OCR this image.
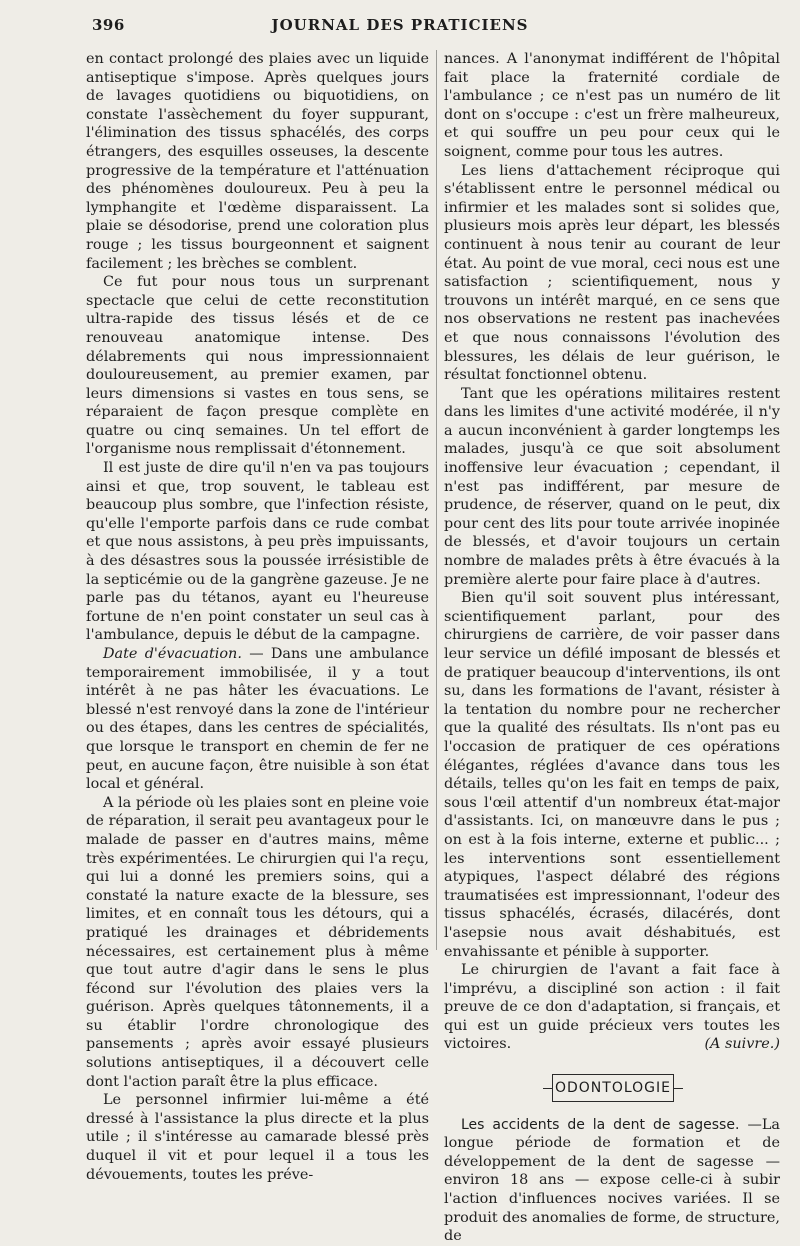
396	JOURNAL DES PRATICIENS

en contact prolongé des plaies avec un liquide antiseptique s'impose. Après quelques jours de lavages quotidiens ou biquotidiens, on constate l'assèchement du foyer suppurant, l'élimination des tissus sphacélés, des corps étrangers, des esquilles osseuses, la descente progressive de la température et l'atténuation des phénomènes douloureux. Peu à peu la lymphangite et l'œdème disparaissent. La plaie se désodorise, prend une coloration plus rouge ; les tissus bourgeonnent et saignent facilement ; les brèches se comblent.

Ce fut pour nous tous un surprenant spectacle que celui de cette reconstitution ultra-rapide des tissus lésés et de ce renouveau anatomique intense. Des délabrements qui nous impressionnaient douloureusement, au premier examen, par leurs dimensions si vastes en tous sens, se réparaient de façon presque complète en quatre ou cinq semaines. Un tel effort de l'organisme nous remplissait d'étonnement.

Il est juste de dire qu'il n'en va pas toujours ainsi et que, trop souvent, le tableau est beaucoup plus sombre, que l'infection résiste, qu'elle l'emporte parfois dans ce rude combat et que nous assistons, à peu près impuissants, à des désastres sous la poussée irrésistible de la septicémie ou de la gangrène gazeuse. Je ne parle pas du tétanos, ayant eu l'heureuse fortune de n'en point constater un seul cas à l'ambulance, depuis le début de la campagne.

Date d'évacuation. — Dans une ambulance temporairement immobilisée, il y a tout intérêt à ne pas hâter les évacuations. Le blessé n'est renvoyé dans la zone de l'intérieur ou des étapes, dans les centres de spécialités, que lorsque le transport en chemin de fer ne peut, en aucune façon, être nuisible à son état local et général.

A la période où les plaies sont en pleine voie de réparation, il serait peu avantageux pour le malade de passer en d'autres mains, même très expérimentées. Le chirurgien qui l'a reçu, qui lui a donné les premiers soins, qui a constaté la nature exacte de la blessure, ses limites, et en connaît tous les détours, qui a pratiqué les drainages et débridements nécessaires, est certainement plus à même que tout autre d'agir dans le sens le plus fécond sur l'évolution des plaies vers la guérison. Après quelques tâtonnements, il a su établir l'ordre chronologique des pansements ; après avoir essayé plusieurs solutions antiseptiques, il a découvert celle dont l'action paraît être la plus efficace.

Le personnel infirmier lui-même a été dressé à l'assistance la plus directe et la plus utile ; il s'intéresse au camarade blessé près duquel il vit et pour lequel il a tous les dévouements, toutes les préve-

nances. A l'anonymat indifférent de l'hôpital fait place la fraternité cordiale de l'ambulance ; ce n'est pas un numéro de lit dont on s'occupe : c'est un frère malheureux, et qui souffre un peu pour ceux qui le soignent, comme pour tous les autres.

Les liens d'attachement réciproque qui s'établissent entre le personnel médical ou infirmier et les malades sont si solides que, plusieurs mois après leur départ, les blessés continuent à nous tenir au courant de leur état. Au point de vue moral, ceci nous est une satisfaction ; scientifiquement, nous y trouvons un intérêt marqué, en ce sens que nos observations ne restent pas inachevées et que nous connaissons l'évolution des blessures, les délais de leur guérison, le résultat fonctionnel obtenu.

Tant que les opérations militaires restent dans les limites d'une activité modérée, il n'y a aucun inconvénient à garder longtemps les malades, jusqu'à ce que soit absolument inoffensive leur évacuation ; cependant, il n'est pas indifférent, par mesure de prudence, de réserver, quand on le peut, dix pour cent des lits pour toute arrivée inopinée de blessés, et d'avoir toujours un certain nombre de malades prêts à être évacués à la première alerte pour faire place à d'autres.

Bien qu'il soit souvent plus intéressant, scientifiquement parlant, pour des chirurgiens de carrière, de voir passer dans leur service un défilé imposant de blessés et de pratiquer beaucoup d'interventions, ils ont su, dans les formations de l'avant, résister à la tentation du nombre pour ne rechercher que la qualité des résultats. Ils n'ont pas eu l'occasion de pratiquer de ces opérations élégantes, réglées d'avance dans tous les détails, telles qu'on les fait en temps de paix, sous l'œil attentif d'un nombreux état-major d'assistants. Ici, on manœuvre dans le pus ; on est à la fois interne, externe et public... ; les interventions sont essentiellement atypiques, l'aspect délabré des régions traumatisées est impressionnant, l'odeur des tissus sphacélés, écrasés, dilacérés, dont l'asepsie nous avait déshabitués, est envahissante et pénible à supporter.

Le chirurgien de l'avant a fait face à l'imprévu, a discipliné son action : il fait preuve de ce don d'adaptation, si français, et qui est un guide précieux vers toutes les victoires.	(A suivre.)

ODONTOLOGIE

Les accidents de la dent de sagesse. —La longue période de formation et de développement de la dent de sagesse — environ 18 ans — expose celle-ci à subir l'action d'influences nocives variées. Il se produit des anomalies de forme, de structure, de
